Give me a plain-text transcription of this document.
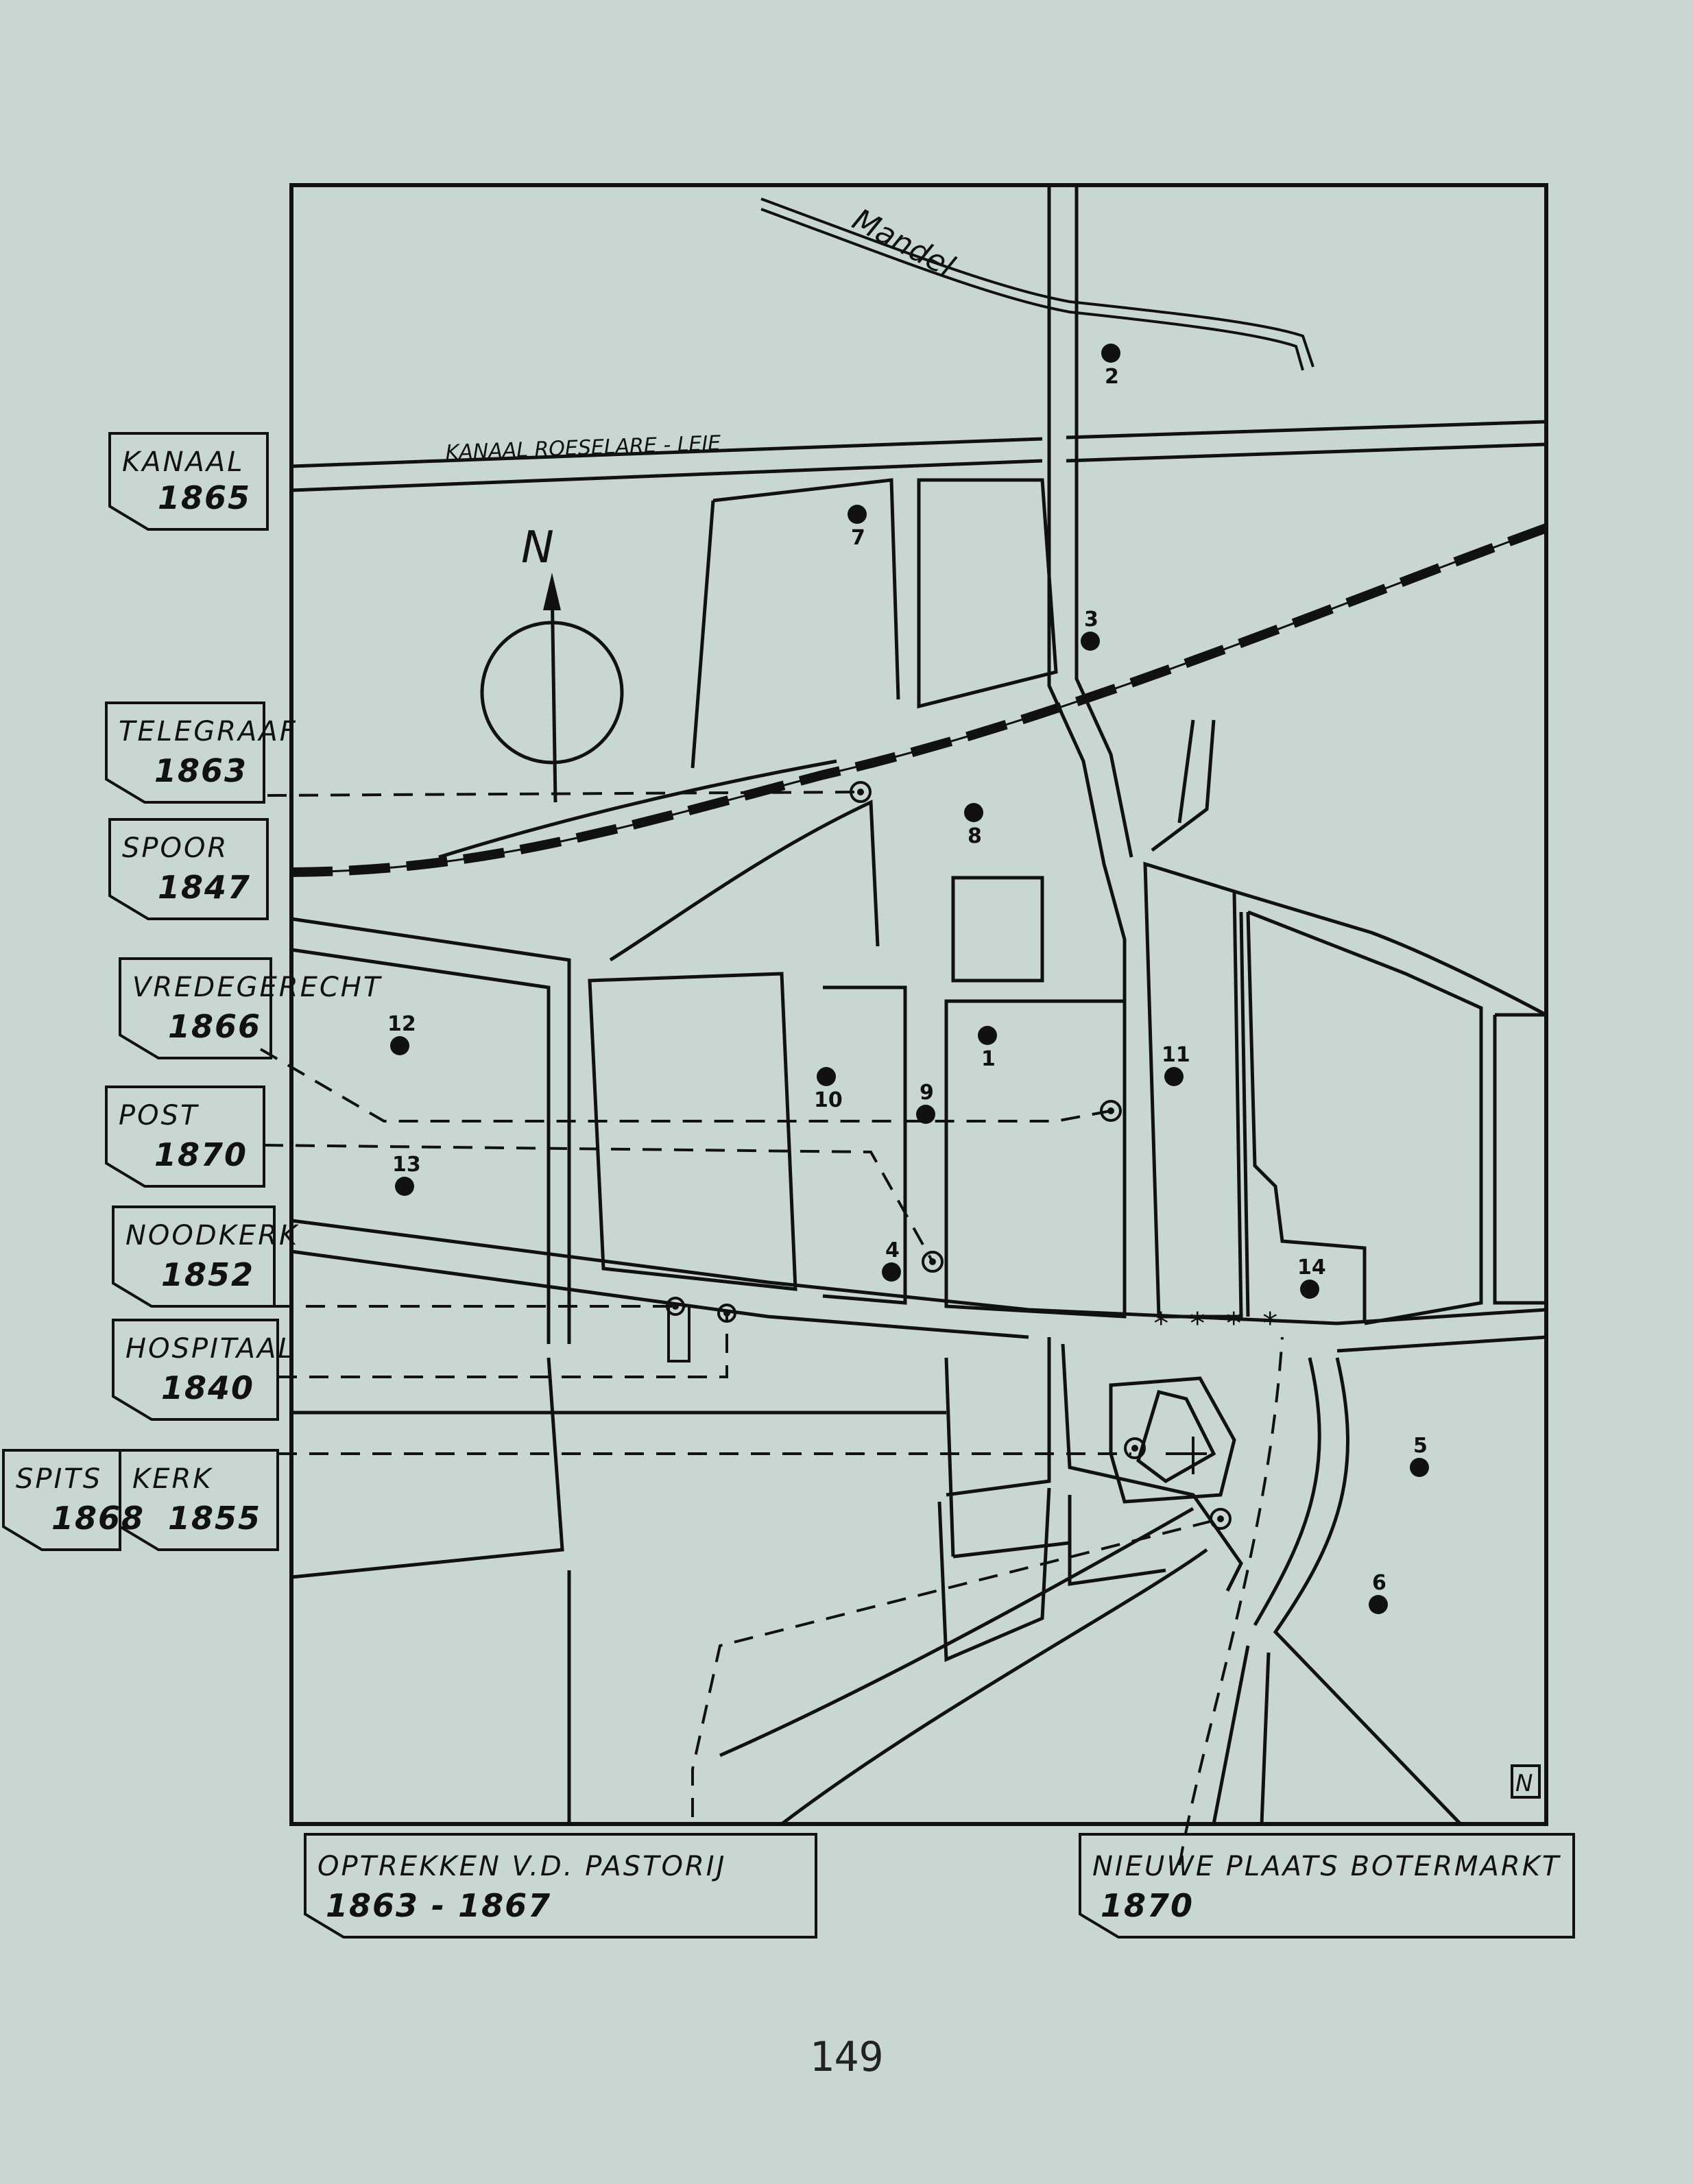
Mandel
KANAAL ROESELARE - LEIE
N
* * * *
1
2
3
4
5
6
7
8
9
10
11
12
13
14
N
KANAAL
1865
TELEGRAAF
1863
SPOOR
1847
VREDEGERECHT
1866
POST
1870
NOODKERK
1852
HOSPITAAL
1840
SPITS
1868
KERK
1855
OPTREKKEN V.D. PASTORIJ
1863 - 1867
NIEUWE PLAATS BOTERMARKT
1870
149
